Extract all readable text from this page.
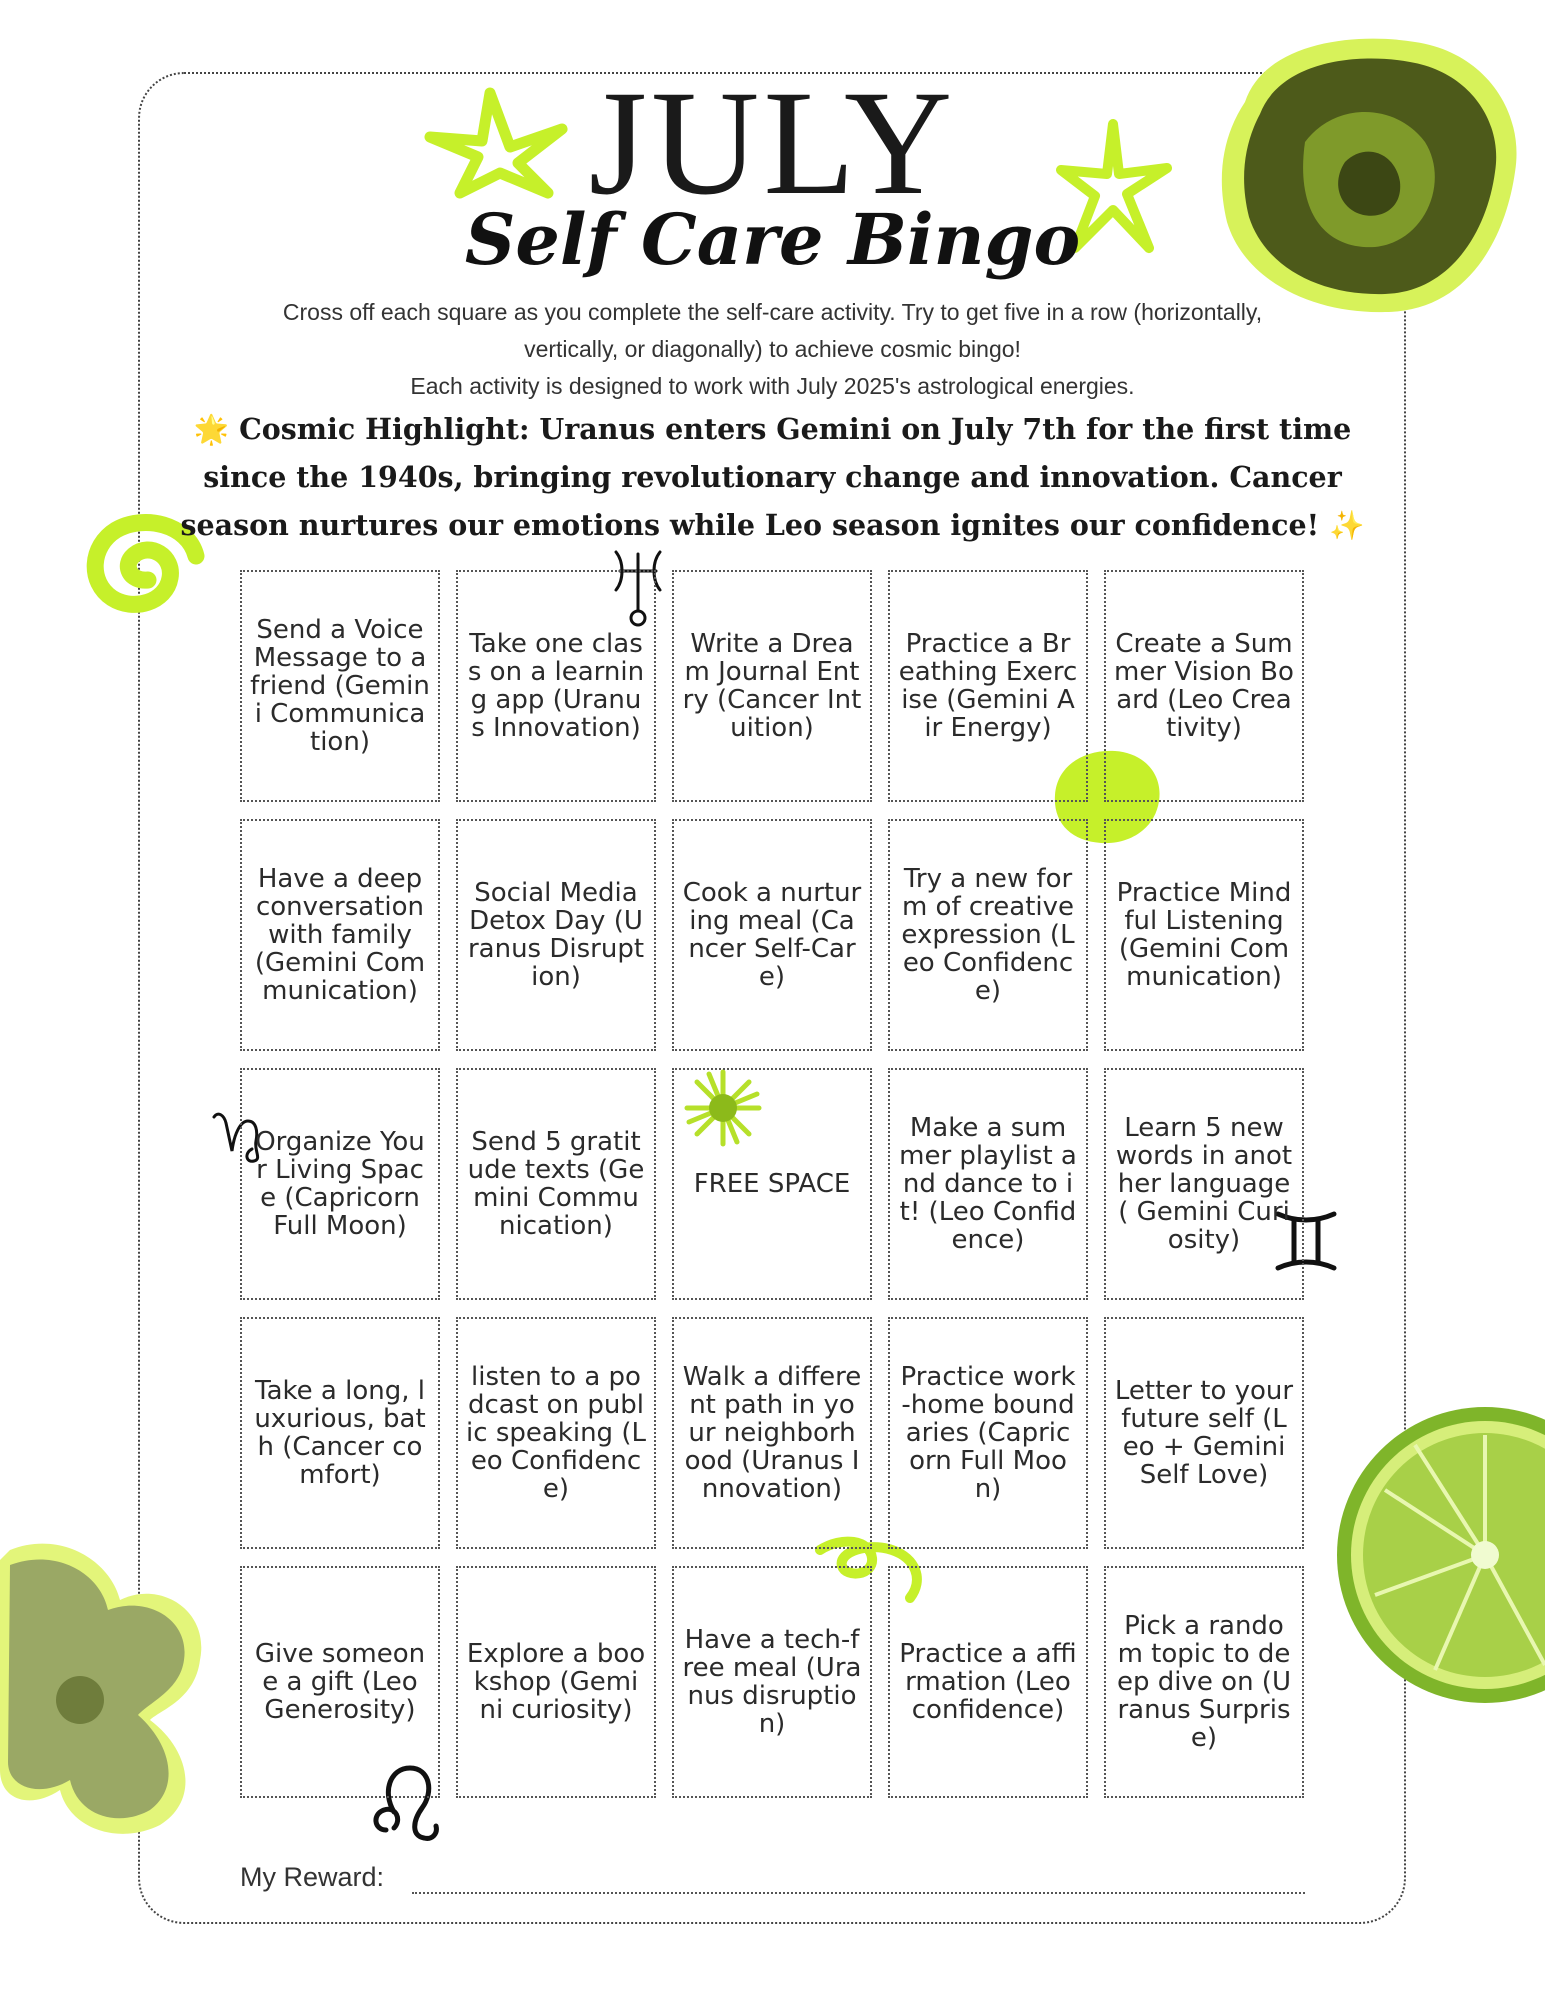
JULY
Self Care Bingo

Cross off each square as you complete the self-care activity. Try to get five in a row (horizontally,

vertically, or diagonally) to achieve cosmic bingo!

Each activity is designed to work with July 2025's astrological energies.

🌟 Cosmic Highlight: Uranus enters Gemini on July 7th for the first time since the 1940s, bringing revolutionary change and innovation. Cancer season nurtures our emotions while Leo season ignites our confidence! ✨

Send a Voice Message to a friend (Gemini Communication)
Take one class on a learning app (Uranus Innovation)
Write a Dream Journal Entry (Cancer Intuition)
Practice a Breathing Exercise (Gemini Air Energy)
Create a Summer Vision Board (Leo Creativity)
Have a deep conversation with family (Gemini Communication)
Social Media Detox Day (Uranus Disruption)
Cook a nurturing meal (Cancer Self-Care)
Try a new form of creative expression (Leo Confidence)
Practice Mindful Listening (Gemini Communication)
Organize Your Living Space (Capricorn Full Moon)
Send 5 gratitude texts (Gemini Communication)
FREE SPACE
Make a summer playlist and dance to it! (Leo Confidence)
Learn 5 new words in another language ( Gemini Curiosity)
Take a long, luxurious, bath (Cancer comfort)
listen to a podcast on public speaking (Leo Confidence)
Walk a different path in your neighborhood (Uranus Innovation)
Practice work-home boundaries (Capricorn Full Moon)
Letter to your future self (Leo + Gemini Self Love)
Give someone a gift (Leo Generosity)
Explore a bookshop (Gemini curiosity)
Have a tech-free meal (Uranus disruption)
Practice a affirmation (Leo confidence)
Pick a random topic to deep dive on (Uranus Surprise)
My Reward:
